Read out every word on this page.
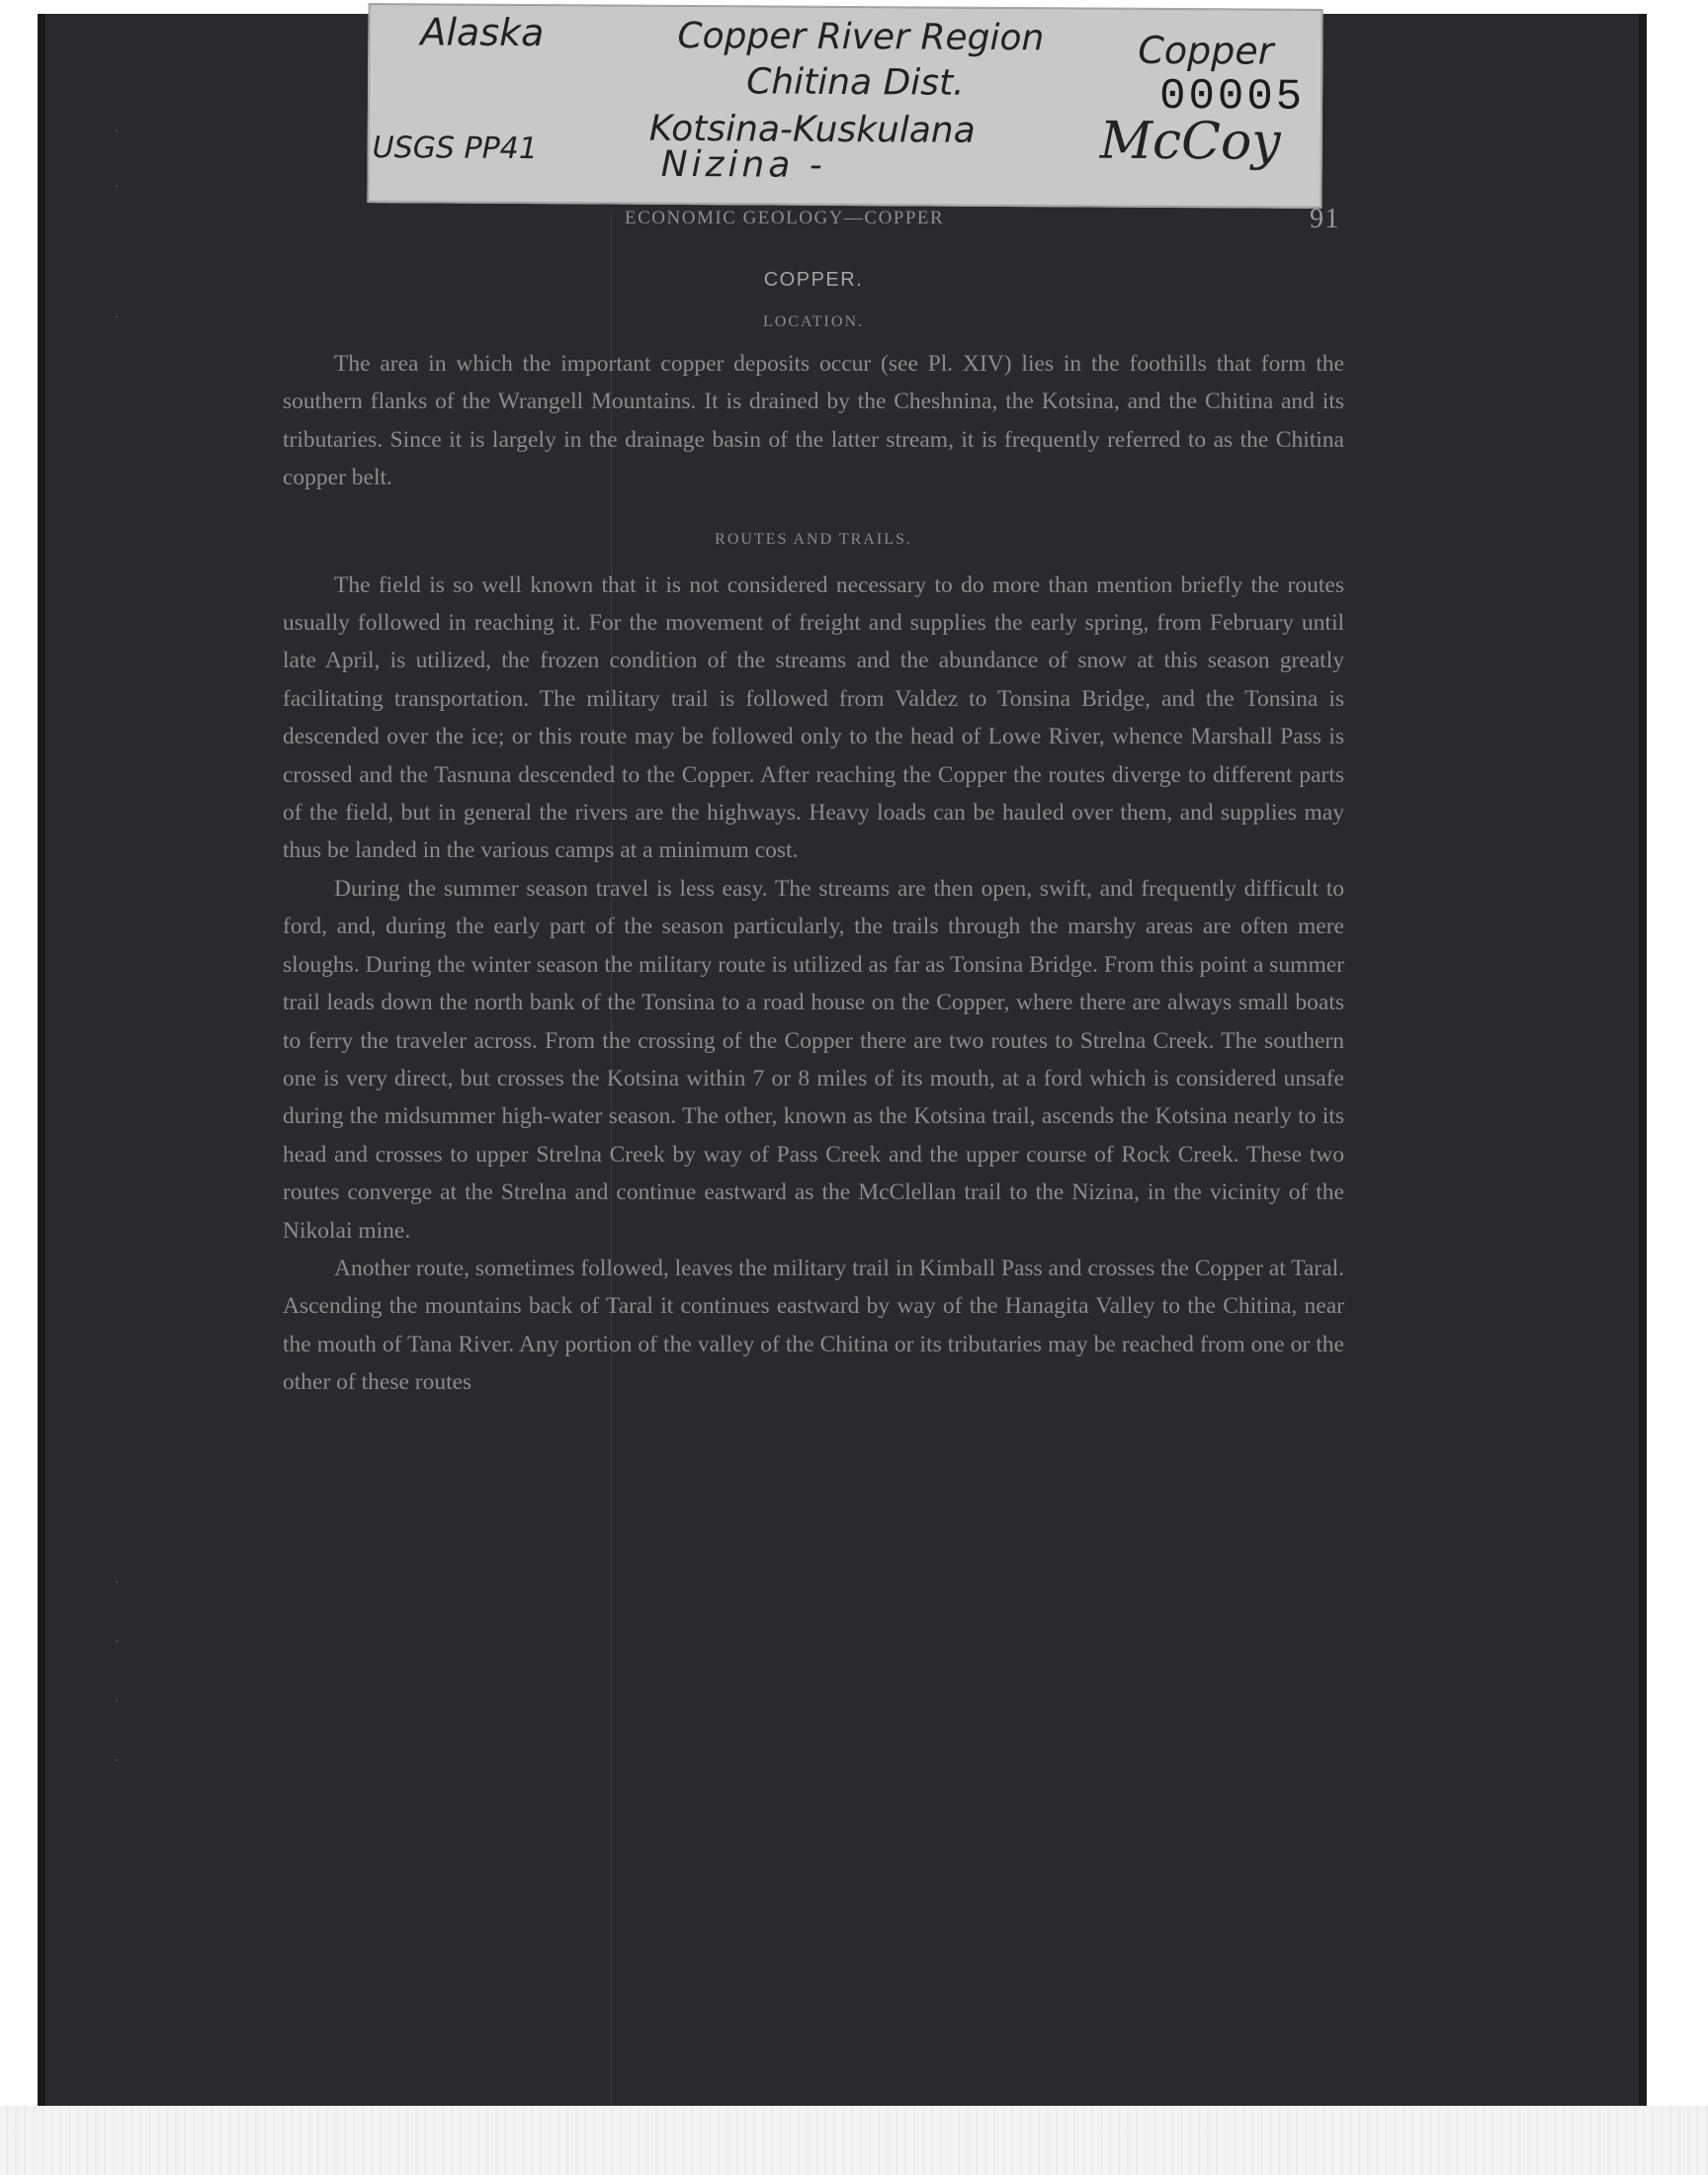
·
·
·
·
·
·
·
Alaska	Copper River Region Copper
Chitina Dist.	00005
Kotsina-Kuskulana
USGS PP41	Nizina -	McCoy
ECONOMIC GEOLOGY—COPPER	91
COPPER.
LOCATION.

The area in which the important copper deposits occur (see Pl. XIV) lies in the foothills that form the southern flanks of the Wrangell Mountains. It is drained by the Cheshnina, the Kotsina, and the Chitina and its tributaries. Since it is largely in the drainage basin of the latter stream, it is frequently referred to as the Chitina copper belt.

ROUTES AND TRAILS.

The field is so well known that it is not considered necessary to do more than mention briefly the routes usually followed in reaching it. For the movement of freight and supplies the early spring, from February until late April, is utilized, the frozen condition of the streams and the abundance of snow at this season greatly facilitating transportation. The military trail is followed from Valdez to Tonsina Bridge, and the Tonsina is descended over the ice; or this route may be followed only to the head of Lowe River, whence Marshall Pass is crossed and the Tasnuna descended to the Copper. After reaching the Copper the routes diverge to different parts of the field, but in general the rivers are the highways. Heavy loads can be hauled over them, and supplies may thus be landed in the various camps at a minimum cost.

During the summer season travel is less easy. The streams are then open, swift, and frequently difficult to ford, and, during the early part of the season particularly, the trails through the marshy areas are often mere sloughs. During the winter season the military route is utilized as far as Tonsina Bridge. From this point a summer trail leads down the north bank of the Tonsina to a road house on the Copper, where there are always small boats to ferry the traveler across. From the crossing of the Copper there are two routes to Strelna Creek. The southern one is very direct, but crosses the Kotsina within 7 or 8 miles of its mouth, at a ford which is considered unsafe during the midsummer high-water season. The other, known as the Kotsina trail, ascends the Kotsina nearly to its head and crosses to upper Strelna Creek by way of Pass Creek and the upper course of Rock Creek. These two routes converge at the Strelna and continue eastward as the McClellan trail to the Nizina, in the vicinity of the Nikolai mine.

Another route, sometimes followed, leaves the military trail in Kimball Pass and crosses the Copper at Taral. Ascending the mountains back of Taral it continues eastward by way of the Hanagita Valley to the Chitina, near the mouth of Tana River. Any portion of the valley of the Chitina or its tributaries may be reached from one or the other of these routes
